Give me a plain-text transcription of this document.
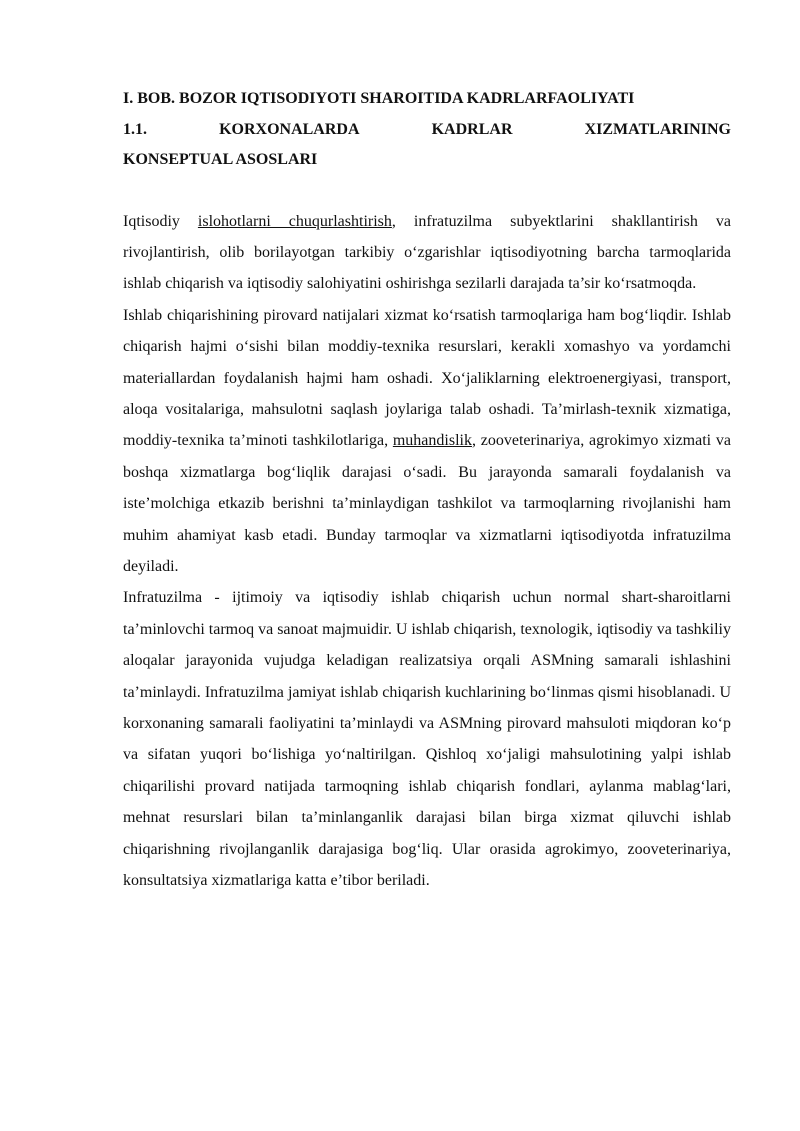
I. BOB. BOZOR IQTISODIYOTI SHAROITIDA KADRLARFAOLIYATI
1.1.	KORXONALARDA	KADRLAR	XIZMATLARINING
KONSEPTUAL ASOSLARI

Iqtisodiy islohotlarni chuqurlashtirish, infratuzilma subyektlarini shakllantirish va rivojlantirish, olib borilayotgan tarkibiy o‘zgarishlar iqtisodiyotning barcha tarmoqlarida ishlab chiqarish va iqtisodiy salohiyatini oshirishga sezilarli darajada ta’sir ko‘rsatmoqda.

Ishlab chiqarishining pirovard natijalari xizmat ko‘rsatish tarmoqlariga ham bog‘liqdir. Ishlab chiqarish hajmi o‘sishi bilan moddiy-texnika resurslari, kerakli xomashyo va yordamchi materiallardan foydalanish hajmi ham oshadi. Xo‘jaliklarning elektroenergiyasi, transport, aloqa vositalariga, mahsulotni saqlash joylariga talab oshadi. Ta’mirlash-texnik xizmatiga, moddiy-texnika ta’minoti tashkilotlariga, muhandislik, zooveterinariya, agrokimyo xizmati va boshqa xizmatlarga bog‘liqlik darajasi o‘sadi. Bu jarayonda samarali foydalanish va iste’molchiga etkazib berishni ta’minlaydigan tashkilot va tarmoqlarning rivojlanishi ham muhim ahamiyat kasb etadi. Bunday tarmoqlar va xizmatlarni iqtisodiyotda infratuzilma deyiladi.

Infratuzilma - ijtimoiy va iqtisodiy ishlab chiqarish uchun normal shart-sharoitlarni ta’minlovchi tarmoq va sanoat majmuidir. U ishlab chiqarish, texnologik, iqtisodiy va tashkiliy aloqalar jarayonida vujudga keladigan realizatsiya orqali ASMning samarali ishlashini ta’minlaydi. Infratuzilma jamiyat ishlab chiqarish kuchlarining bo‘linmas qismi hisoblanadi. U korxonaning samarali faoliyatini ta’minlaydi va ASMning pirovard mahsuloti miqdoran ko‘p va sifatan yuqori bo‘lishiga yo‘naltirilgan. Qishloq xo‘jaligi mahsulotining yalpi ishlab chiqarilishi provard natijada tarmoqning ishlab chiqarish fondlari, aylanma mablag‘lari, mehnat resurslari bilan ta’minlanganlik darajasi bilan birga xizmat qiluvchi ishlab chiqarishning rivojlanganlik darajasiga bog‘liq. Ular orasida agrokimyo, zooveterinariya, konsultatsiya xizmatlariga katta e’tibor beriladi.
